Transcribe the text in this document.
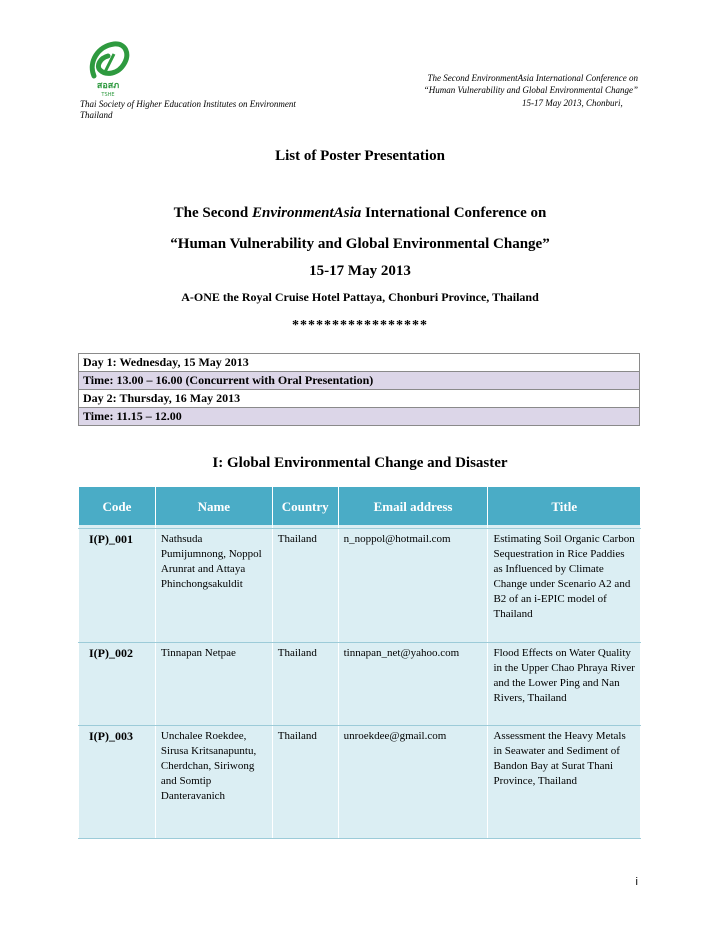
สอสภ
TSHE
The Second EnvironmentAsia International Conference on
“Human Vulnerability and Global Environmental Change”
Thai Society of Higher Education Institutes on Environment	15-17 May 2013, Chonburi,
Thailand
List of Poster Presentation
The Second EnvironmentAsia International Conference on
“Human Vulnerability and Global Environmental Change”
15-17 May 2013
A-ONE the Royal Cruise Hotel Pattaya, Chonburi Province, Thailand
*****************
Day 1: Wednesday, 15 May 2013
Time: 13.00 – 16.00 (Concurrent with Oral Presentation)
Day 2: Thursday, 16 May 2013
Time: 11.15 – 12.00
I: Global Environmental Change and Disaster
Code	Name	Country	Email address	Title

I(P)_001	Nathsuda Pumijumnong, Noppol Arunrat and Attaya Phinchongsakuldit	Thailand	n_noppol@hotmail.com	Estimating Soil Organic Carbon Sequestration in Rice Paddies as Influenced by Climate Change under Scenario A2 and B2 of an i-EPIC model of Thailand
I(P)_002	Tinnapan Netpae	Thailand	tinnapan_net@yahoo.com	Flood Effects on Water Quality in the Upper Chao Phraya River and the Lower Ping and Nan Rivers, Thailand
I(P)_003	Unchalee Roekdee, Sirusa Kritsanapuntu, Cherdchan, Siriwong and Somtip Danteravanich	Thailand	unroekdee@gmail.com	Assessment the Heavy Metals in Seawater and Sediment of Bandon Bay at Surat Thani Province, Thailand
i
